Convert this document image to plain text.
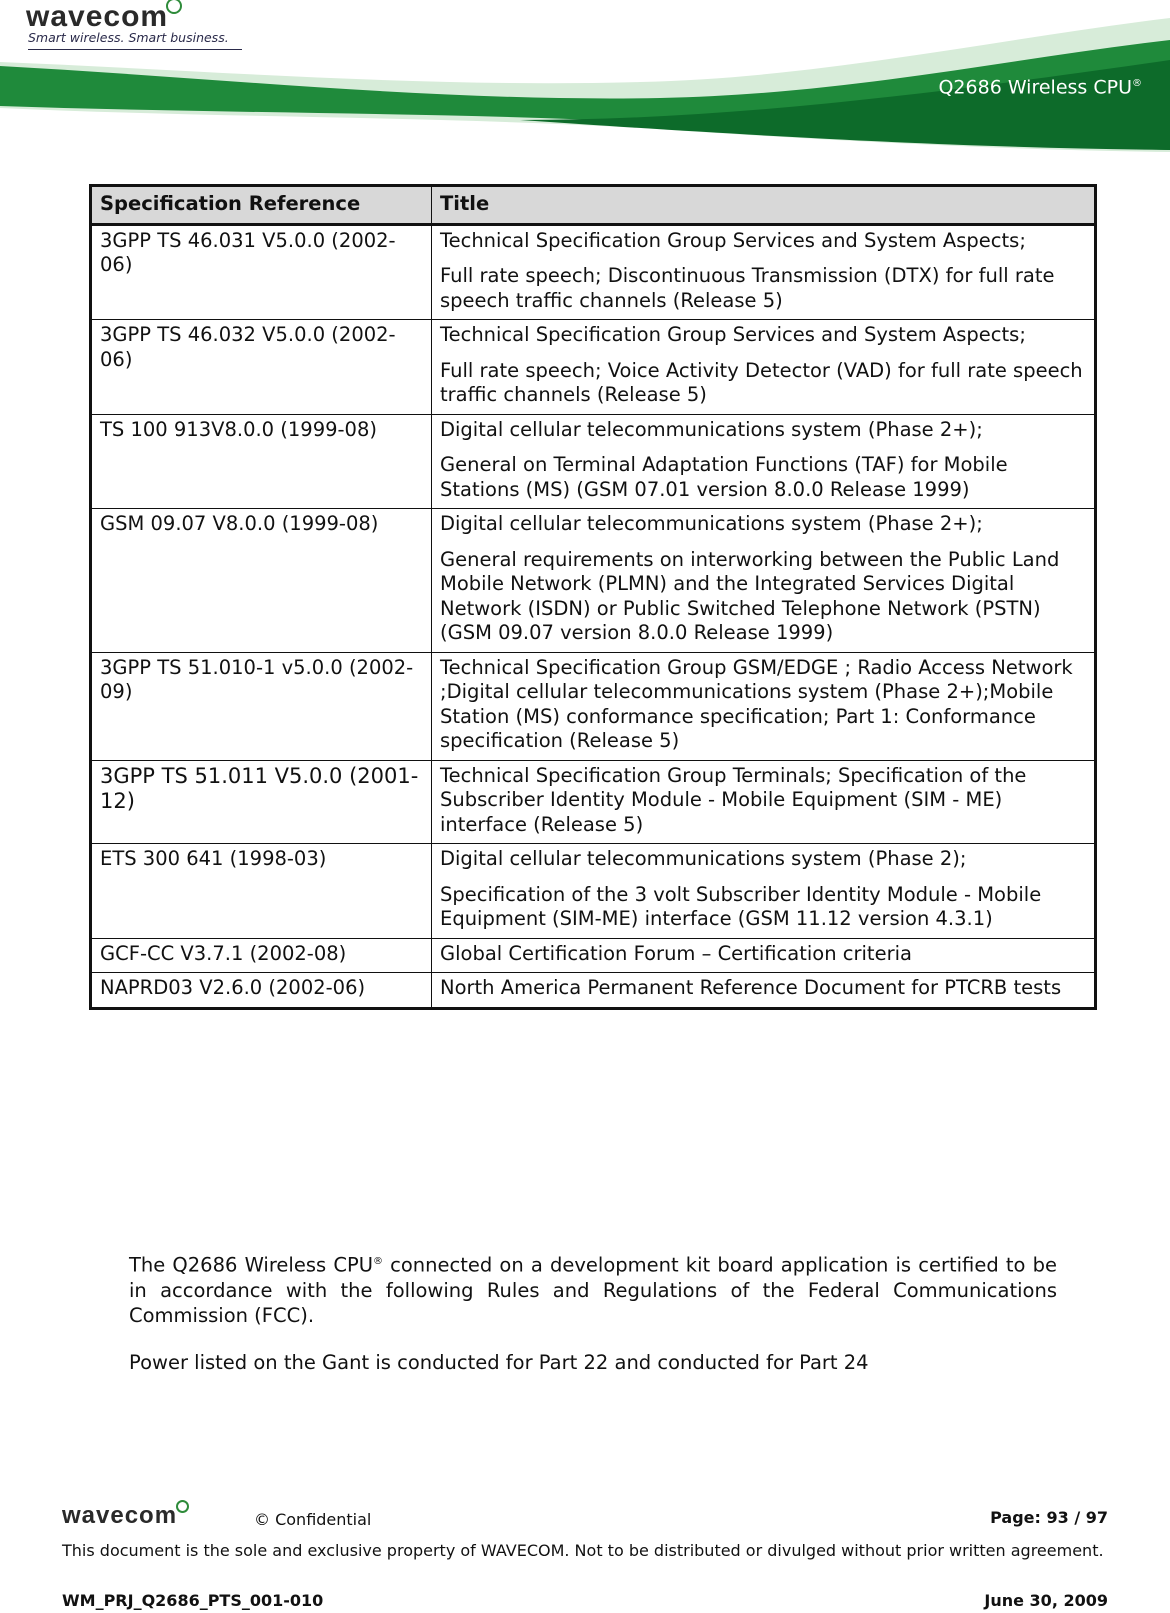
wavecom
Smart wireless. Smart business.
Q2686 Wireless CPU®
Specification Reference	Title
3GPP TS 46.031 V5.0.0 (2002-06)	Technical Specification Group Services and System Aspects;

Full rate speech; Discontinuous Transmission (DTX) for full rate speech traffic channels (Release 5)

3GPP TS 46.032 V5.0.0 (2002-06)	Technical Specification Group Services and System Aspects;

Full rate speech; Voice Activity Detector (VAD) for full rate speech traffic channels (Release 5)

TS 100 913V8.0.0 (1999-08)	Digital cellular telecommunications system (Phase 2+);

General on Terminal Adaptation Functions (TAF) for Mobile Stations (MS) (GSM 07.01 version 8.0.0 Release 1999)

GSM 09.07 V8.0.0 (1999-08)	Digital cellular telecommunications system (Phase 2+);

General requirements on interworking between the Public Land Mobile Network (PLMN) and the Integrated Services Digital Network (ISDN) or Public Switched Telephone Network (PSTN) (GSM 09.07 version 8.0.0 Release 1999)

3GPP TS 51.010-1 v5.0.0 (2002-09)	Technical Specification Group GSM/EDGE ; Radio Access Network ;Digital cellular telecommunications system (Phase 2+);Mobile Station (MS) conformance specification; Part 1: Conformance specification (Release 5)

3GPP TS 51.011 V5.0.0 (2001-12)	Technical Specification Group Terminals; Specification of the Subscriber Identity Module - Mobile Equipment (SIM - ME) interface (Release 5)

ETS 300 641 (1998-03)	Digital cellular telecommunications system (Phase 2);

Specification of the 3 volt Subscriber Identity Module - Mobile Equipment (SIM-ME) interface (GSM 11.12 version 4.3.1)

GCF-CC V3.7.1 (2002-08)	Global Certification Forum – Certification criteria

NAPRD03 V2.6.0 (2002-06)	North America Permanent Reference Document for PTCRB tests

The Q2686 Wireless CPU® connected on a development kit board application is certified to be in accordance with the following Rules and Regulations of the Federal Communications Commission (FCC).
Power listed on the Gant is conducted for Part 22 and conducted for Part 24
wavecom	© Confidential	Page: 93 / 97
This document is the sole and exclusive property of WAVECOM. Not to be distributed or divulged without prior written agreement.
WM_PRJ_Q2686_PTS_001-010	June 30, 2009
